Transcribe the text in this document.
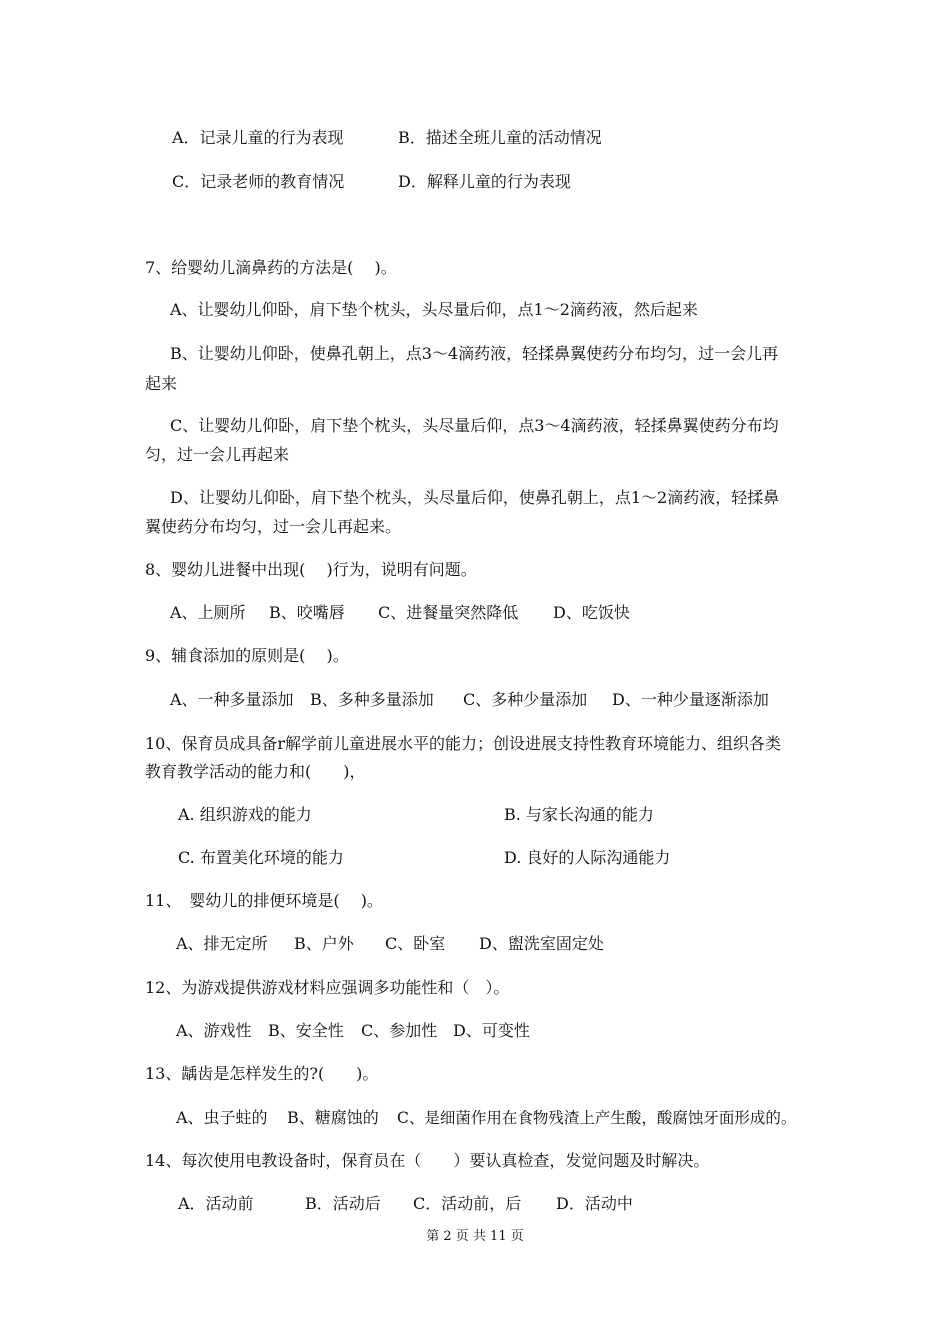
A．记录儿童的行为表现	B．描述全班儿童的活动情况
C．记录老师的教育情况	D．解释儿童的行为表现
7、给婴幼儿滴鼻药的方法是(　 )。
A、让婴幼儿仰卧，肩下垫个枕头，头尽量后仰，点1～2滴药液，然后起来
B、让婴幼儿仰卧，使鼻孔朝上，点3～4滴药液，轻揉鼻翼使药分布均匀，过一会儿再
起来
C、让婴幼儿仰卧，肩下垫个枕头，头尽量后仰，点3～4滴药液，轻揉鼻翼使药分布均
匀，过一会儿再起来
D、让婴幼儿仰卧，肩下垫个枕头，头尽量后仰，使鼻孔朝上，点1～2滴药液，轻揉鼻
翼使药分布均匀，过一会儿再起来。
8、婴幼儿进餐中出现(　 )行为，说明有问题。
A、上厕所 B、咬嘴唇 C、进餐量突然降低 D、吃饭快
9、辅食添加的原则是(　 )。
A、一种多量添加 B、多种多量添加 C、多种少量添加 D、一种少量逐渐添加
10、保育员成具备r解学前儿童进展水平的能力；创设进展支持性教育环境能力、组织各类
教育教学活动的能力和(　　)，
A. 组织游戏的能力	B. 与家长沟通的能力
C. 布置美化环境的能力	D. 良好的人际沟通能力
11、　婴幼儿的排便环境是(　 )。
A、排无定所 B、户外 C、卧室 D、盥洗室固定处
12、为游戏提供游戏材料应强调多功能性和（　）。
A、游戏性 B、安全性 C、参加性 D、可变性
13、龋齿是怎样发生的?(　　)。
A、虫子蛀的 B、糖腐蚀的 C、是细菌作用在食物残渣上产生酸，酸腐蚀牙面形成的。
14、每次使用电教设备时，保育员在（　　）要认真检查，发觉问题及时解决。
A．活动前	B．活动后 C．活动前，后 D．活动中
第 2 页 共 11 页
